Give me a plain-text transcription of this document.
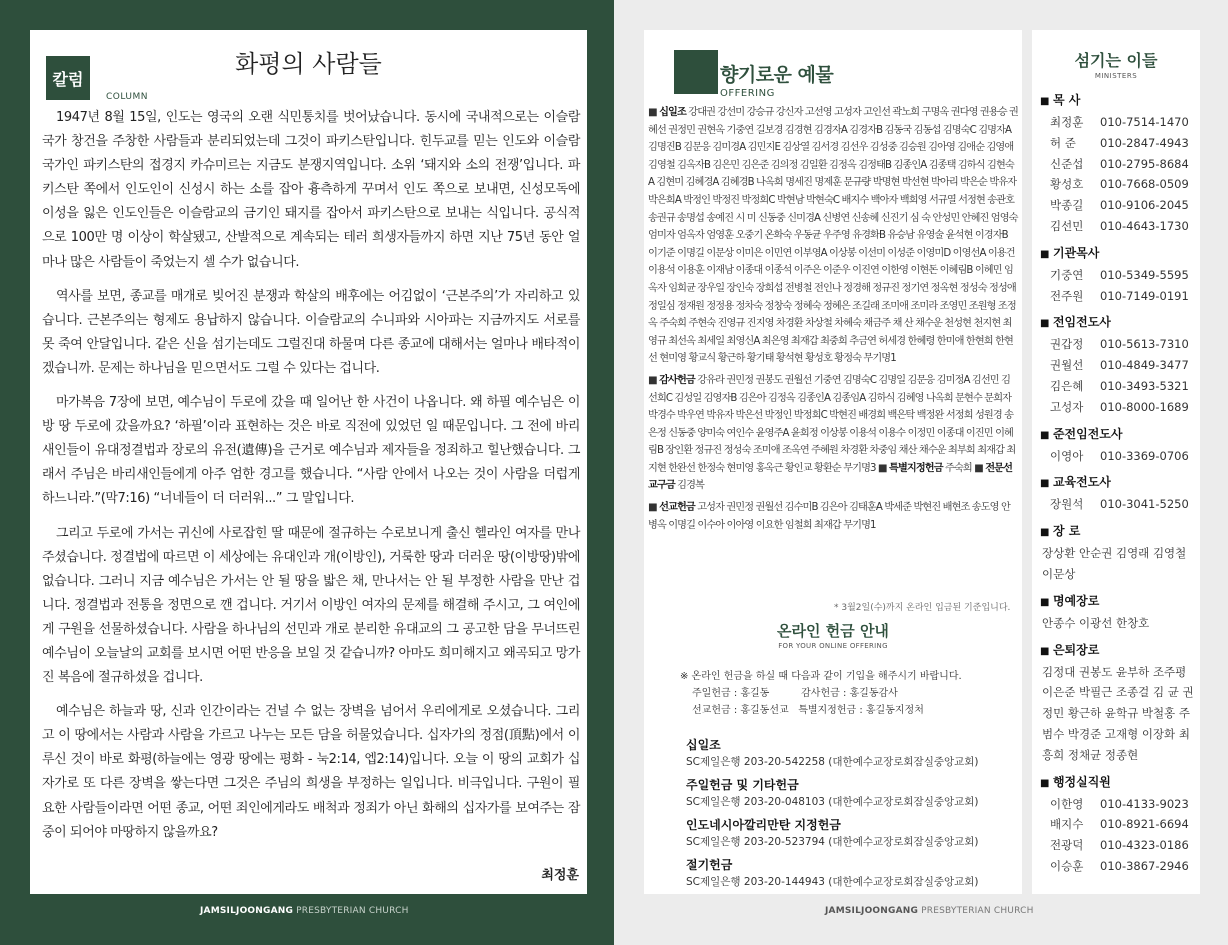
칼럼
COLUMN
화평의 사람들

1947년 8월 15일, 인도는 영국의 오랜 식민통치를 벗어났습니다. 동시에 국내적으로는 이슬람국가 창건을 주창한 사람들과 분리되었는데 그것이 파키스탄입니다. 힌두교를 믿는 인도와 이슬람국가인 파키스탄의 접경지 카슈미르는 지금도 분쟁지역입니다. 소위 ‘돼지와 소의 전쟁’입니다. 파키스탄 쪽에서 인도인이 신성시 하는 소를 잡아 흉측하게 꾸며서 인도 쪽으로 보내면, 신성모독에 이성을 잃은 인도인들은 이슬람교의 금기인 돼지를 잡아서 파키스탄으로 보내는 식입니다. 공식적으로 100만 명 이상이 학살됐고, 산발적으로 계속되는 테러 희생자들까지 하면 지난 75년 동안 얼마나 많은 사람들이 죽었는지 셀 수가 없습니다.

역사를 보면, 종교를 매개로 빚어진 분쟁과 학살의 배후에는 어김없이 ‘근본주의’가 자리하고 있습니다. 근본주의는 형제도 용납하지 않습니다. 이슬람교의 수니파와 시아파는 지금까지도 서로를 못 죽여 안달입니다. 같은 신을 섬기는데도 그럴진대 하물며 다른 종교에 대해서는 얼마나 배타적이겠습니까. 문제는 하나님을 믿으면서도 그럴 수 있다는 겁니다.

마가복음 7장에 보면, 예수님이 두로에 갔을 때 일어난 한 사건이 나옵니다. 왜 하필 예수님은 이방 땅 두로에 갔을까요? ‘하필’이라 표현하는 것은 바로 직전에 있었던 일 때문입니다. 그 전에 바리새인들이 유대정결법과 장로의 유전(遺傳)을 근거로 예수님과 제자들을 정죄하고 힐난했습니다. 그래서 주님은 바리새인들에게 아주 엄한 경고를 했습니다. “사람 안에서 나오는 것이 사람을 더럽게 하느니라.”(막7:16) “너네들이 더 더러워...” 그 말입니다.

그리고 두로에 가서는 귀신에 사로잡힌 딸 때문에 절규하는 수로보니게 출신 헬라인 여자를 만나주셨습니다. 정결법에 따르면 이 세상에는 유대인과 개(이방인), 거룩한 땅과 더러운 땅(이방땅)밖에 없습니다. 그러니 지금 예수님은 가서는 안 될 땅을 밟은 채, 만나서는 안 될 부정한 사람을 만난 겁니다. 정결법과 전통을 정면으로 깬 겁니다. 거기서 이방인 여자의 문제를 해결해 주시고, 그 여인에게 구원을 선물하셨습니다. 사람을 하나님의 선민과 개로 분리한 유대교의 그 공고한 담을 무너뜨린 예수님이 오늘날의 교회를 보시면 어떤 반응을 보일 것 같습니까? 아마도 희미해지고 왜곡되고 망가진 복음에 절규하셨을 겁니다.

예수님은 하늘과 땅, 신과 인간이라는 건널 수 없는 장벽을 넘어서 우리에게로 오셨습니다. 그리고 이 땅에서는 사람과 사람을 가르고 나누는 모든 담을 허물었습니다. 십자가의 정점(頂點)에서 이루신 것이 바로 화평(하늘에는 영광 땅에는 평화 - 눅2:14, 엡2:14)입니다. 오늘 이 땅의 교회가 십자가로 또 다른 장벽을 쌓는다면 그것은 주님의 희생을 부정하는 일입니다. 비극입니다. 구원이 필요한 사람들이라면 어떤 종교, 어떤 죄인에게라도 배척과 정죄가 아닌 화해의 십자가를 보여주는 잠중이 되어야 마땅하지 않을까요?

최정훈
JAMSILJOONGANG PRESBYTERIAN CHURCH
향기로운 예물
OFFERING
■ 십일조 강대권 강선미 강승규 강신자 고선영 고성자 고인선 곽노희 구명옥 권다영 권용승 권혜선 권정민 권현옥 기중연 길보경 김경현 김경자A 김경자B 김동국 김동섭 김명숙C 김명자A 김명진B 김문응 김미경A 김민지E 김상열 김서경 김선우 김성중 김승원 김아영 김애순 김영애 김영철 김옥자B 김은민 김은준 김의정 김일환 김정옥 김정태B 김종인A 김종택 김하식 김현숙A 김현미 김혜경A 김혜경B 나옥희 명세진 명제훈 문규량 박명현 박선현 박아리 박은순 박유자 박은희A 박정인 박정진 박정희C 박현남 박현숙C 배지수 백아자 백희영 서규열 서정현 송관호 송권규 송명섭 송예진 시 미 신동중 신미경A 신병연 신송혜 신진기 심 숙 안성민 안혜진 엄영숙 엄미자 엄옥자 엄영훈 오중기 온화숙 우동균 우주영 유경화B 유승남 유영술 윤석현 이경자B 이기준 이명길 이문상 이미은 이민연 이부영A 이상봉 이선미 이성준 이영미D 이영선A 이용건 이용석 이용훈 이재남 이종대 이종석 이주은 이준우 이진연 이한영 이현돈 이혜림B 이혜민 임옥자 임희균 장우일 장인숙 장희섭 전병철 전인나 정경해 정규진 정기연 정옥현 정성숙 정성애 정일심 정재원 정정용 정차숙 정창숙 정혜숙 정혜은 조길래 조미애 조미라 조영민 조원형 조정옥 주숙희 주현숙 진영규 진지영 차경환 차상철 차혜숙 채금주 채 산 채수운 천성현 천지현 최영규 최선옥 최세일 최영신A 최은영 최재갑 최중희 추금연 허세경 한혜령 한미애 한현희 한현선 현미영 황교식 황근하 황기태 황석현 황성호 황정숙 무기명1
■ 감사헌금 강유라 권민정 권봉도 권월선 기중연 김명숙C 김명일 김문응 김미정A 김선민 김선희C 김성일 김영자B 김은아 김정옥 김종인A 김종임A 김하식 김혜영 나옥희 문현수 문희자 박경수 박우연 박유자 박은선 박정인 박정희C 박현진 배경희 백은탁 백정완 서정희 성원경 송은정 신동중 양미숙 여인수 윤영주A 윤희정 이상봉 이용석 이용수 이정민 이종대 이진민 이혜림B 장인환 정규진 정성숙 조미애 조옥연 주혜원 차경환 차중임 채산 채수운 최부희 최재갑 최지현 한완선 한정숙 현미영 홍옥근 황인교 황환순 무기명3 ■ 특별지정헌금 주숙희 ■ 전문선교구금 김경복
■ 선교헌금 고성자 권민정 권월선 김수미B 김은아 김태훈A 박세준 박현진 배현조 송도영 안병옥 이명길 이수아 이아영 이요한 임철희 최재갑 무기명1
* 3월2일(수)까지 온라인 입금된 기준입니다.
온라인 헌금 안내
FOR YOUR ONLINE OFFERING
※ 온라인 헌금을 하실 때 다음과 같이 기입을 해주시기 바랍니다.
주일헌금 : 홍길동          감사헌금 : 홍길동감사
선교헌금 : 홍길동선교   특별지정헌금 : 홍길동지정처
십일조
SC제일은행 203-20-542258 (대한예수교장로회잠실중앙교회)
주일헌금 및 기타헌금
SC제일은행 203-20-048103 (대한예수교장로회잠실중앙교회)
인도네시아깔리만탄 지정헌금
SC제일은행 203-20-523794 (대한예수교장로회잠실중앙교회)
절기헌금
SC제일은행 203-20-144943 (대한예수교장로회잠실중앙교회)
섬기는 이들
MINISTERS
■ 목 사
최정훈 010-7514-1470
허 준 010-2847-4943
신준섭 010-2795-8684
황성호 010-7668-0509
박종길 010-9106-2045
김선민 010-4643-1730
■ 기관목사
기중연 010-5349-5595
전주원 010-7149-0191
■ 전임전도사
권갑정 010-5613-7310
권월선 010-4849-3477
김은혜 010-3493-5321
고성자 010-8000-1689
■ 준전임전도사
이영아 010-3369-0706
■ 교육전도사
장원석 010-3041-5250
■ 장 로
장상환 안순권 김영래 김영철 이문상
■ 명예장로
안종수 이광선 한창호
■ 은퇴장로
김정대 권봉도 윤부하 조주평 이은준 박필근 조종걸 김 균 권정민 황근하 윤학규 박철홍 주범수 박경준 고재형 이장화 최흥희 정채균 정종현
■ 행정실직원
이한영 010-4133-9023
배지수 010-8921-6694
전광덕 010-4323-0186
이승훈 010-3867-2946
JAMSILJOONGANG PRESBYTERIAN CHURCH
